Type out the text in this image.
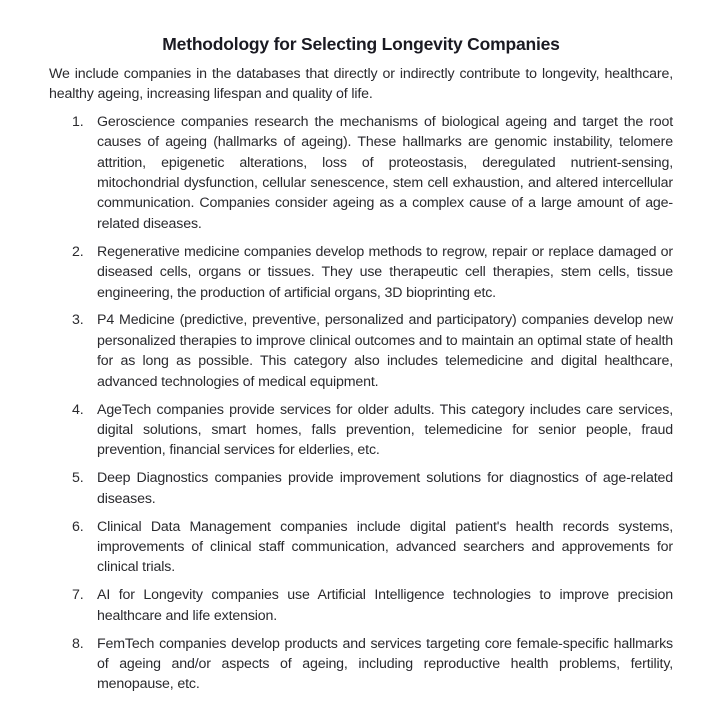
Methodology for Selecting Longevity Companies

We include companies in the databases that directly or indirectly contribute to longevity, healthcare, healthy ageing, increasing lifespan and quality of life.

1. Geroscience companies research the mechanisms of biological ageing and target the root causes of ageing (hallmarks of ageing). These hallmarks are genomic instability, telomere attrition, epigenetic alterations, loss of proteostasis, deregulated nutrient-sensing, mitochondrial dysfunction, cellular senescence, stem cell exhaustion, and altered intercellular communication. Companies consider ageing as a complex cause of a large amount of age-related diseases.
2. Regenerative medicine companies develop methods to regrow, repair or replace damaged or diseased cells, organs or tissues. They use therapeutic cell therapies, stem cells, tissue engineering, the production of artificial organs, 3D bioprinting etc.
3. P4 Medicine (predictive, preventive, personalized and participatory) companies develop new personalized therapies to improve clinical outcomes and to maintain an optimal state of health for as long as possible. This category also includes telemedicine and digital healthcare, advanced technologies of medical equipment.
4. AgeTech companies provide services for older adults. This category includes care services, digital solutions, smart homes, falls prevention, telemedicine for senior people, fraud prevention, financial services for elderlies, etc.
5. Deep Diagnostics companies provide improvement solutions for diagnostics of age-related diseases.
6. Clinical Data Management companies include digital patient's health records systems, improvements of clinical staff communication, advanced searchers and approvements for clinical trials.
7. AI for Longevity companies use Artificial Intelligence technologies to improve precision healthcare and life extension.
8. FemTech companies develop products and services targeting core female-specific hallmarks of ageing and/or aspects of ageing, including reproductive health problems, fertility, menopause, etc.
